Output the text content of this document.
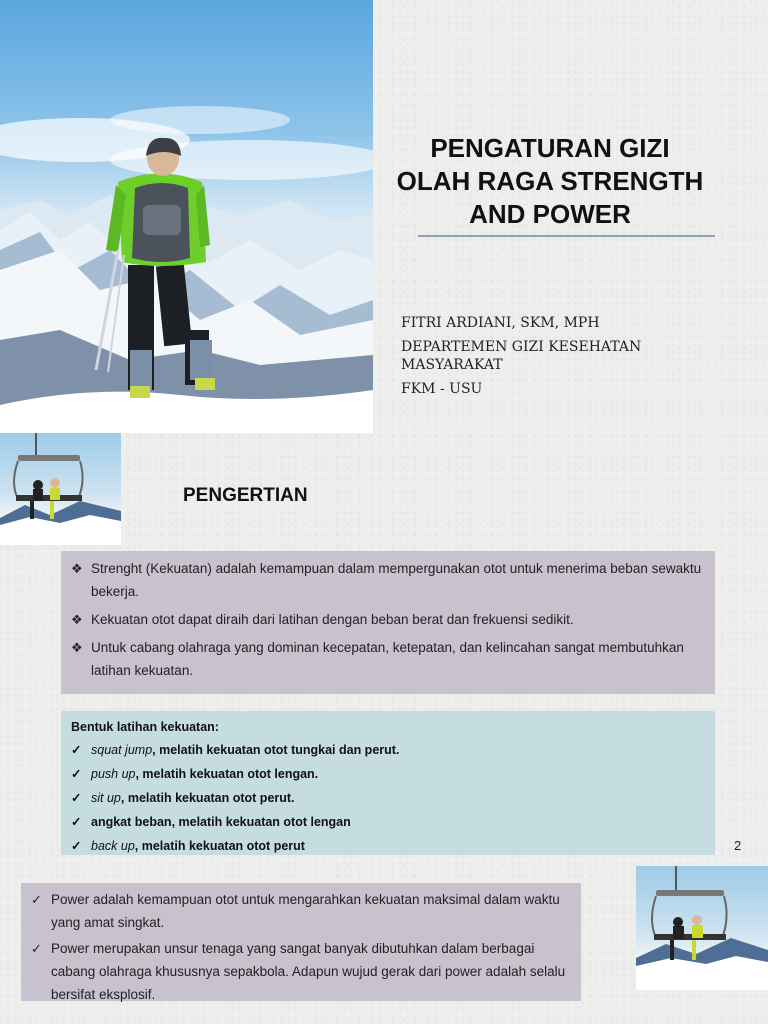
PENGATURAN GIZI
OLAH RAGA STRENGTH
AND POWER
FITRI ARDIANI, SKM, MPH
DEPARTEMEN GIZI KESEHATAN MASYARAKAT
FKM - USU
PENGERTIAN
❖ Strenght (Kekuatan) adalah kemampuan dalam mempergunakan otot untuk menerima beban sewaktu bekerja.
❖ Kekuatan otot dapat diraih dari latihan dengan beban berat dan frekuensi sedikit.
❖ Untuk cabang olahraga yang dominan kecepatan, ketepatan, dan kelincahan sangat membutuhkan latihan kekuatan.
Bentuk latihan kekuatan:
✓ squat jump, melatih kekuatan otot tungkai dan perut.
✓ push up, melatih kekuatan otot lengan.
✓ sit up, melatih kekuatan otot perut.
✓ angkat beban, melatih kekuatan otot lengan
✓ back up, melatih kekuatan otot perut	2
✓ Power adalah kemampuan otot untuk mengarahkan kekuatan maksimal dalam waktu yang amat singkat.
✓ Power merupakan unsur tenaga yang sangat banyak dibutuhkan dalam berbagai cabang olahraga khususnya sepakbola. Adapun wujud gerak dari power adalah selalu bersifat eksplosif.
